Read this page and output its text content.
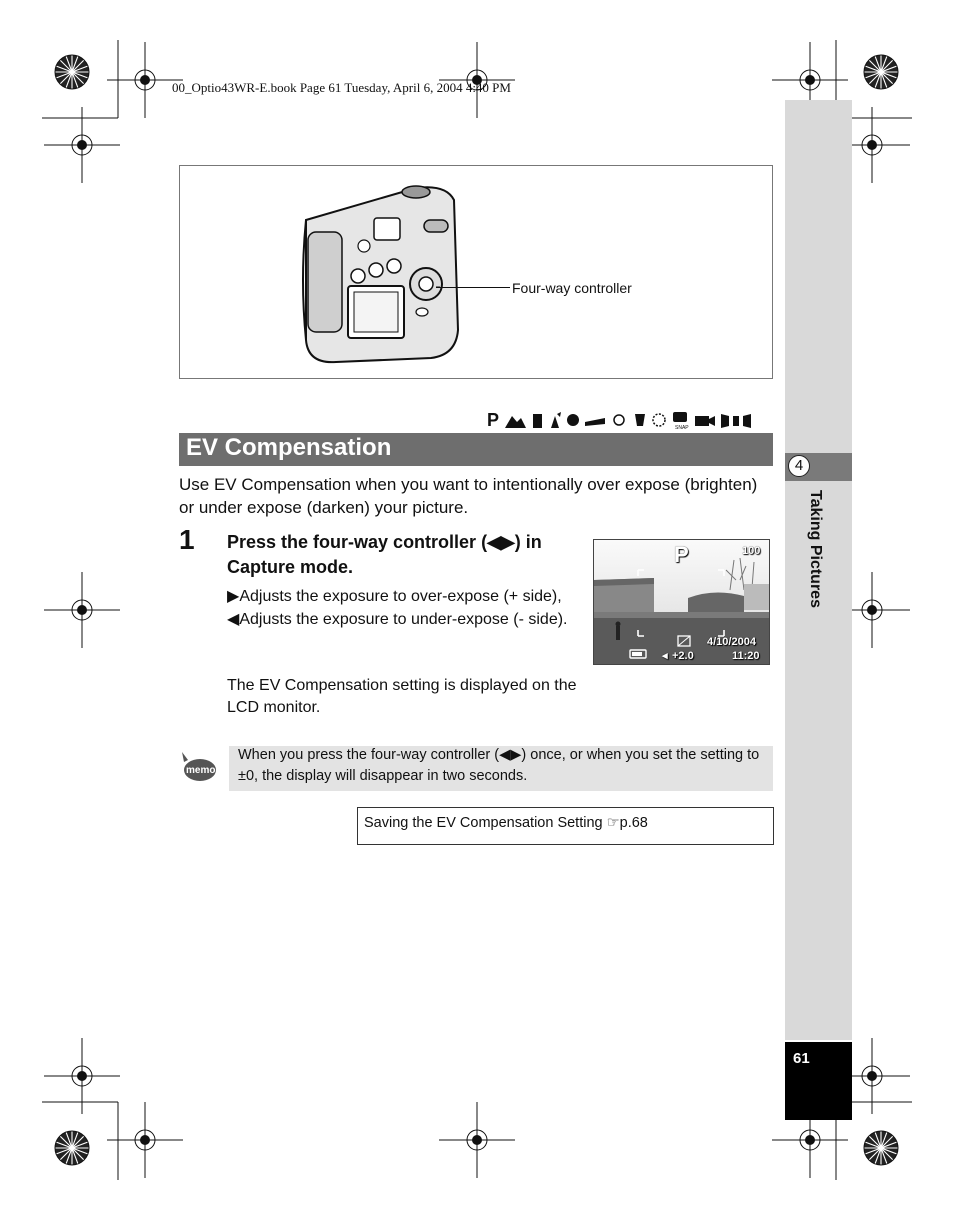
00_Optio43WR-E.book Page 61 Tuesday, April 6, 2004 4:40 PM
Four-way controller
P	SNAP
EV Compensation

Use EV Compensation when you want to intentionally over expose (brighten) or under expose (darken) your picture.

1 Press the four-way controller (◀▶) in Capture mode.

▶Adjusts the exposure to over-expose (+ side), ◀Adjusts the exposure to under-expose (- side).

The EV Compensation setting is displayed on the LCD monitor.

P	100
4/10/2004
11:20
◂ +2.0
memo

When you press the four-way controller (◀▶) once, or when you set the setting to ±0, the display will disappear in two seconds.

Saving the EV Compensation Setting ☞p.68
4
Taking Pictures
61
